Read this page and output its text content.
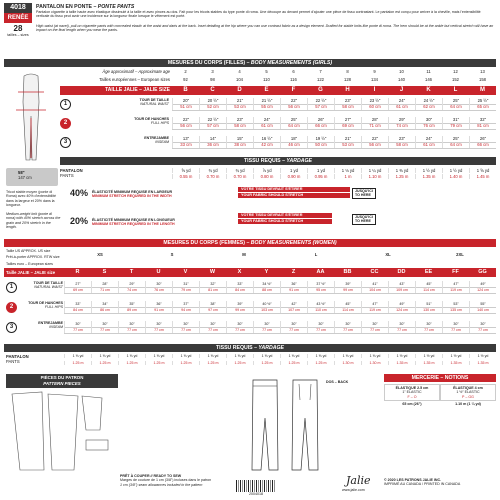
4018
RENÉE
28
tailles – sizes
PANTALON EN PONTE – PONTE PANTS
Pantalon cigarette à taille haute avec élastique dissimulé à la taille et avec pinces au dos. Fait pour les tricots stables du type ponte di roma. Une découpe au devant permet d'ajouter une pièce de tissu contrastant. Le pantalon est conçu pour arriver à la cheville, mais l'extensibilité verticale du tissu peut avoir une incidence sur la longueur finale lorsque le vêtement est porté.
High-waist (at navel), pull-on cigarette pants with concealed elastic at the waist and darts at the back. Inset detailing at the hip where you can use contrast fabric as a design element. Drafted for stable knits like ponte di roma. The hem should be at the ankle but vertical stretch will have an impact on the final length when you wear the pants.
MESURES DU CORPS (FILLES) – BODY MEASUREMENTS (GIRLS)
Âge approximatif – Approximate age	2	3	4	5	6	7	8	9	10	11	12	13
Tailles européennes – European sizes	92	98	104	110	116	122	128	134	140	146	152	158
TAILLE JALIE – JALIE SIZE	B	C	D	E	F	G	H	I	J	K	L	M
1
TOUR DE TAILLE
NATURAL WAIST
20"	20 ½"	21"	21 ½"	22"	22 ½"	23"	23 ½"	24"	24 ½"	25"	25 ½"
51 cm	52 cm	53 cm	55 cm	56 cm	57 cm	58 cm	60 cm	61 cm	62 cm	64 cm	65 cm
2
TOUR DE HANCHES
FULL HIPS
22"	22 ½"	23"	24"	25"	26"	27"	28"	29"	30"	31"	32"
56 cm	57 cm	58 cm	61 cm	64 cm	66 cm	69 cm	71 cm	74 cm	76 cm	79 cm	81 cm
3
ENTREJAMBE
INSEAM
13"	14"	15"	16 ½"	18"	19 ½"	21"	22"	23"	24"	25"	26"
33 cm	36 cm	38 cm	42 cm	46 cm	50 cm	53 cm	56 cm	58 cm	61 cm	64 cm	66 cm
TISSU REQUIS – YARDAGE
58"
147 cm
PANTALON
PANTS
⅝ yd	¾ yd	¾ yd	⅞ yd	1 yd	1 yd	1 ⅛ yd	1 ¼ yd	1 ⅜ yd	1 ½ yd	1 ½ yd	1 ⅝ yd
0.55 m	0.70 m	0.70 m	0.80 m	0.90 m	0.95 m	1 m	1.10 m	1.25 m	1.35 m	1.40 m	1.45 m
Tricot stable moyen (ponte di Roma) avec 40% d'extensibilité dans la largeur et 20% dans la longueur.
Medium-weight knit (ponte di roma) with 40% stretch across the grain and 20% stretch in the length.
40% ÉLASTICITÉ MINIMUM REQUISE EN LARGEUR
MINIMUM STRETCH REQUIRED IN THE WIDTH
VOTRE TISSU DEVRAIT S'ÉTIRER
YOUR FABRIC SHOULD STRETCH
JUSQU'ICI
TO HERE
20% ÉLASTICITÉ MINIMUM REQUISE EN LONGUEUR
MINIMUM STRETCH REQUIRED IN THE LENGTH
VOTRE TISSU DEVRAIT S'ÉTIRER
YOUR FABRIC SHOULD STRETCH
JUSQU'ICI
TO HERE
MESURES DU CORPS (FEMMES) – BODY MEASUREMENTS (WOMEN)
Taille US APPROX. US size
Prêt-à-porter APPROX. RTW size	XS	S	M	L	XL	2XL
Tailles euro – European sizes
Taille JALIE – JALIE size	R	S	T	U	V	W	X	Y	Z	AA	BB	CC	DD	EE	FF	GG
1
TOUR DE TAILLE
NATURAL WAIST
27"	28"	29"	30"	31"	32"	33"	34 ½"	36"	37 ½"	39"	41"	43"	45"	47"	49"
69 cm	71 cm	74 cm	76 cm	79 cm	81 cm	84 cm	88 cm	91 cm	95 cm	99 cm	104 cm	109 cm	114 cm	119 cm	124 cm
2
TOUR DE HANCHES
FULL HIPS
33"	34"	35"	36"	37"	38"	39"	40 ½"	42"	43 ½"	45"	47"	49"	51"	53"	55"
84 cm	86 cm	89 cm	91 cm	94 cm	97 cm	99 cm	103 cm	107 cm	110 cm	114 cm	119 cm	124 cm	130 cm	135 cm	140 cm
3
ENTREJAMBE
INSEAM
30"	30"	30"	30"	30"	30"	30"	30"	30"	30"	30"	30"	30"	30"	30"	30"
77 cm	77 cm	77 cm	77 cm	77 cm	77 cm	77 cm	77 cm	77 cm	77 cm	77 cm	77 cm	77 cm	77 cm	77 cm	77 cm
TISSU REQUIS – YARDAGE
PANTALON
PANTS
1 ⅜ yd	1 ⅜ yd	1 ⅜ yd	1 ⅜ yd	1 ⅜ yd	1 ⅜ yd	1 ⅜ yd	1 ⅜ yd	1 ⅜ yd	1 ⅜ yd	1 ⅜ yd	1 ⅜ yd	1 ½ yd	1 ½ yd	1 ½ yd	1 ½ yd
1.25 m	1.25 m	1.25 m	1.25 m	1.25 m	1.25 m	1.25 m	1.25 m	1.25 m	1.25 m	1.30 m	1.30 m	1.35 m	1.35 m	1.35 m	1.35 m
PIÈCES DU PATRON
PATTERN PIECES	DOS – BACK
MERCERIE – NOTIONS
ÉLASTIQUE 2.5 cm
1" ELASTIC
F – O
ÉLASTIQUE 4 cm
1 ½" ELASTIC
P – GG
65 cm (26")	1.10 m (1 ¼ yd)
PRÊT À COUPER // READY TO SEW
Marges de couture de 1 cm (3/8") incluses dans le patron
1 cm (3/8") seam allowances included in the pattern
2004018
Jalie
www.jalie.com
© 2020 LES PATRONS JALIE INC.
IMPRIMÉ AU CANADA / PRINTED IN CANADA
